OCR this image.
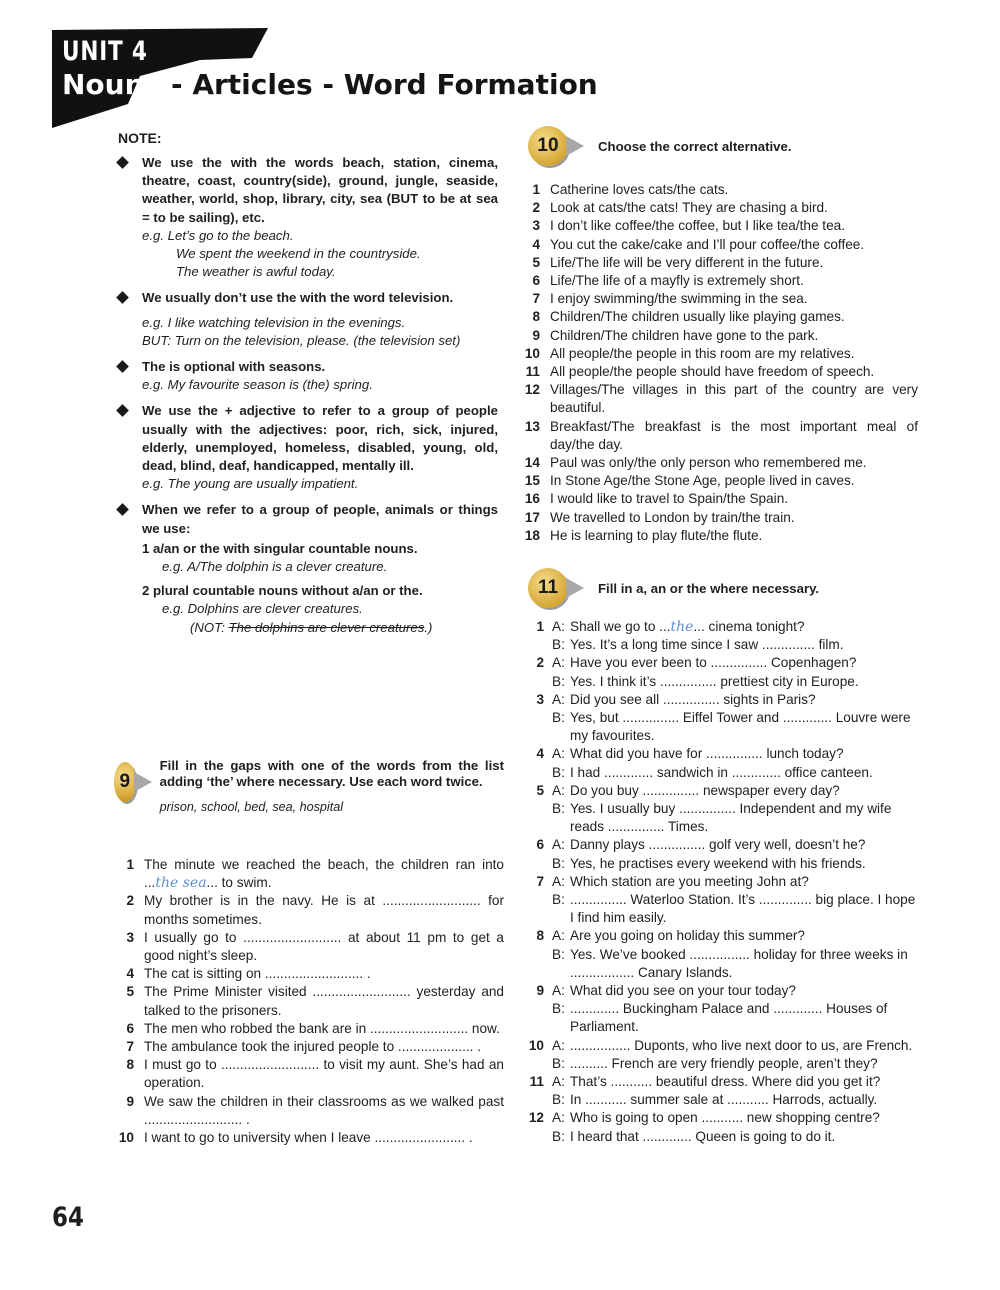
UNIT 4
Nouns - Articles - Word Formation
NOTE:
We use the with the words beach, station, cinema, theatre, coast, country(side), ground, jungle, seaside, weather, world, shop, library, city, sea (BUT to be at sea = to be sailing), etc.
e.g. Let’s go to the beach.
We spent the weekend in the countryside.
The weather is awful today.
We usually don’t use the with the word television.
e.g. I like watching television in the evenings.
BUT: Turn on the television, please. (the television set)
The is optional with seasons.
e.g. My favourite season is (the) spring.
We use the + adjective to refer to a group of people usually with the adjectives: poor, rich, sick, injured, elderly, unemployed, homeless, disabled, young, old, dead, blind, deaf, handicapped, mentally ill.
e.g. The young are usually impatient.
When we refer to a group of people, animals or things we use:
1 a/an or the with singular countable nouns.
e.g. A/The dolphin is a clever creature.
2 plural countable nouns without a/an or the.
e.g. Dolphins are clever creatures.
(NOT: The dolphins are clever creatures.)
9
Fill in the gaps with one of the words from the list adding ‘the’ where necessary. Use each word twice.
prison, school, bed, sea, hospital
1 The minute we reached the beach, the children ran into ...the sea... to swim.
2 My brother is in the navy. He is at .......................... for months sometimes.
3 I usually go to .......................... at about 11 pm to get a good night’s sleep.
4 The cat is sitting on .......................... .
5 The Prime Minister visited .......................... yesterday and talked to the prisoners.
6 The men who robbed the bank are in .......................... now.
7 The ambulance took the injured people to .................... .
8 I must go to .......................... to visit my aunt. She’s had an operation.
9 We saw the children in their classrooms as we walked past .......................... .
10 I want to go to university when I leave ........................ .
10	Choose the correct alternative.
1 Catherine loves cats/the cats.
2 Look at cats/the cats! They are chasing a bird.
3 I don’t like coffee/the coffee, but I like tea/the tea.
4 You cut the cake/cake and I’ll pour coffee/the coffee.
5 Life/The life will be very different in the future.
6 Life/The life of a mayfly is extremely short.
7 I enjoy swimming/the swimming in the sea.
8 Children/The children usually like playing games.
9 Children/The children have gone to the park.
10 All people/the people in this room are my relatives.
11 All people/the people should have freedom of speech.
12 Villages/The villages in this part of the country are very beautiful.
13 Breakfast/The breakfast is the most important meal of day/the day.
14 Paul was only/the only person who remembered me.
15 In Stone Age/the Stone Age, people lived in caves.
16 I would like to travel to Spain/the Spain.
17 We travelled to London by train/the train.
18 He is learning to play flute/the flute.
11	Fill in a, an or the where necessary.
1 A: Shall we go to ...the... cinema tonight?
B: Yes. It’s a long time since I saw .............. film.
2 A: Have you ever been to ............... Copenhagen?
B: Yes. I think it’s ............... prettiest city in Europe.
3 A: Did you see all ............... sights in Paris?
B: Yes, but ............... Eiffel Tower and ............. Louvre were my favourites.
4 A: What did you have for ............... lunch today?
B: I had ............. sandwich in ............. office canteen.
5 A: Do you buy ............... newspaper every day?
B: Yes. I usually buy ............... Independent and my wife reads ............... Times.
6 A: Danny plays ............... golf very well, doesn’t he?
B: Yes, he practises every weekend with his friends.
7 A: Which station are you meeting John at?
B: ............... Waterloo Station. It’s .............. big place. I hope I find him easily.
8 A: Are you going on holiday this summer?
B: Yes. We’ve booked ................ holiday for three weeks in ................. Canary Islands.
9 A: What did you see on your tour today?
B: ............. Buckingham Palace and ............. Houses of Parliament.
10 A: ................ Duponts, who live next door to us, are French.
B: .......... French are very friendly people, aren’t they?
11 A: That’s ........... beautiful dress. Where did you get it?
B: In ........... summer sale at ........... Harrods, actually.
12 A: Who is going to open ........... new shopping centre?
B: I heard that ............. Queen is going to do it.
64
